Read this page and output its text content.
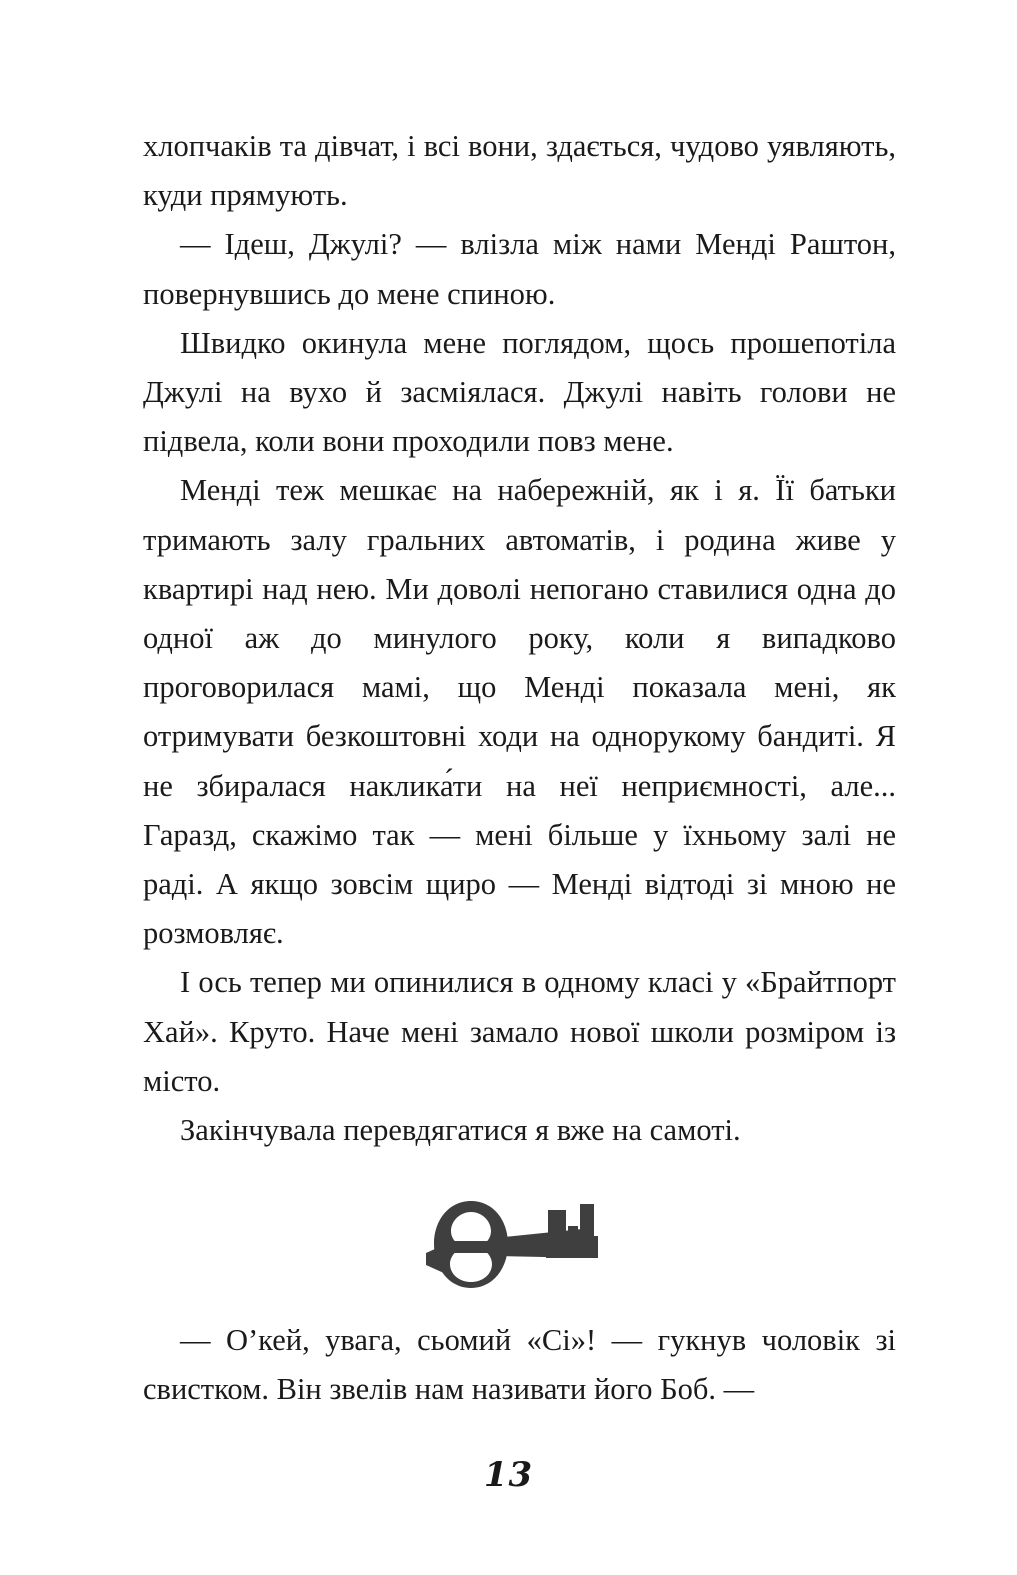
хлопчаків та дівчат, і всі вони, здається, чудово уявляють, куди прямують.

— Ідеш, Джулі? — влізла між нами Менді Раштон, повернувшись до мене спиною.

Швидко окинула мене поглядом, щось прошепотіла Джулі на вухо й засміялася. Джулі навіть голови не підвела, коли вони проходили повз мене.

Менді теж мешкає на набережній, як і я. Її батьки тримають залу гральних автоматів, і родина живе у квартирі над нею. Ми доволі непогано ставилися одна до одної аж до минулого року, коли я випадково проговорилася мамі, що Менді показала мені, як отримувати безкоштовні ходи на однорукому бандиті. Я не збиралася наклика́ти на неї неприємності, але... Гаразд, скажімо так — мені більше у їхньому залі не раді. А якщо зовсім щиро — Менді відтоді зі мною не розмовляє.

І ось тепер ми опинилися в одному класі у «Брайтпорт Хай». Круто. Наче мені замало нової школи розміром із місто.

Закінчувала перевдягатися я вже на самоті.

— О’кей, увага, сьомий «Сі»! — гукнув чоловік зі свистком. Він звелів нам називати його Боб. —

13
